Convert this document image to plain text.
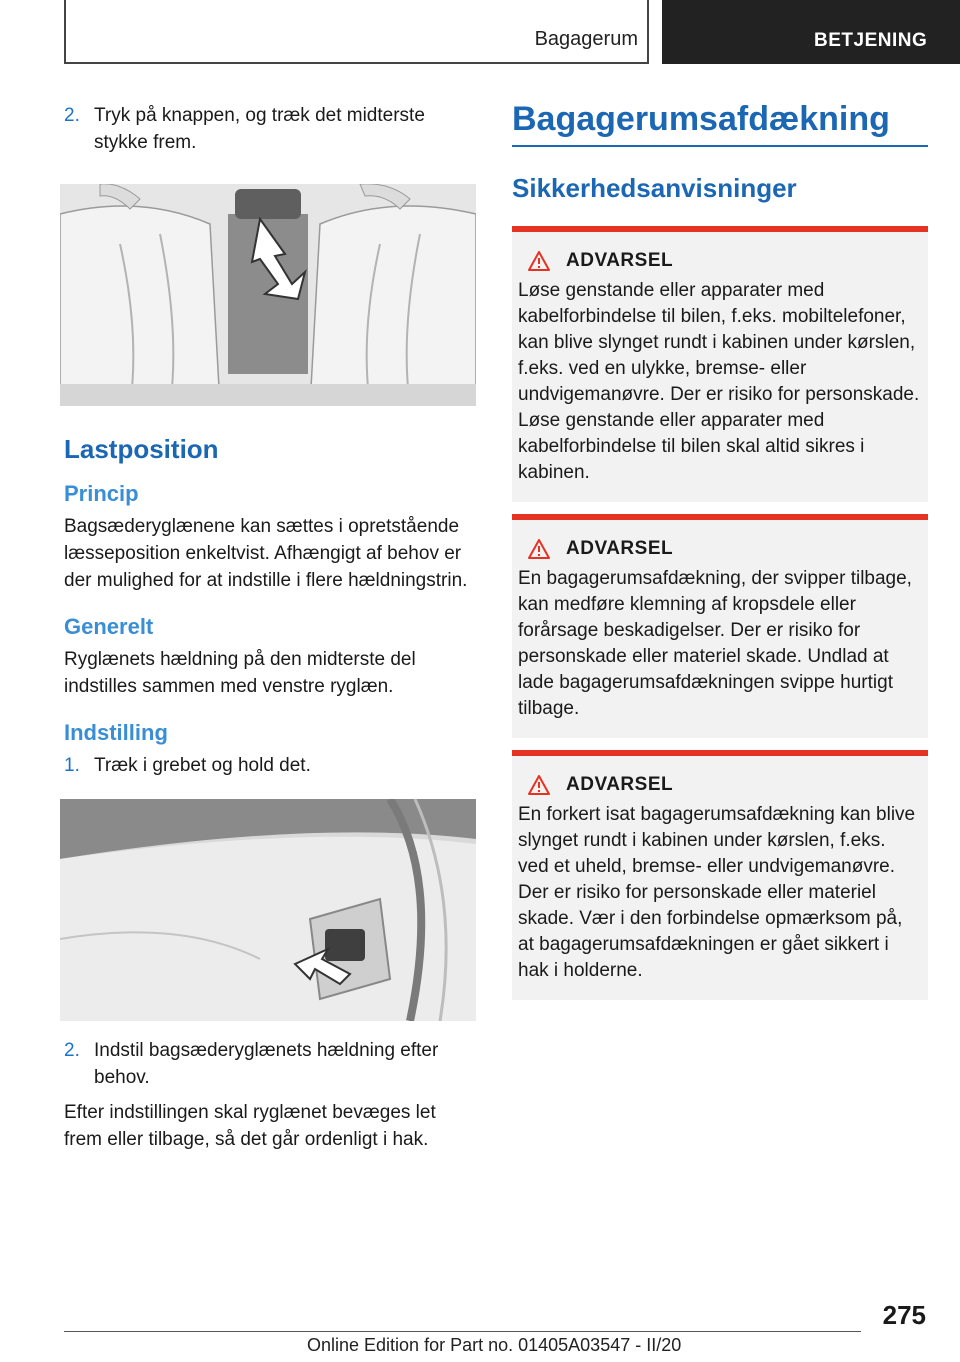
Bagagerum	BETJENING
2. Tryk på knappen, og træk det midterste stykke frem.
Lastposition
Princip

Bagsæderyglænene kan sættes i opretstående læsseposition enkeltvist. Afhængigt af behov er der mulighed for at indstille i flere hældningstrin.

Generelt

Ryglænets hældning på den midterste del indstilles sammen med venstre ryglæn.

Indstilling
1. Træk i grebet og hold det.
2. Indstil bagsæderyglænets hældning efter behov.

Efter indstillingen skal ryglænet bevæges let frem eller tilbage, så det går ordenligt i hak.

Bagagerumsafdækning
Sikkerhedsanvisninger
ADVARSEL
Løse genstande eller apparater med kabelforbindelse til bilen, f.eks. mobiltelefoner, kan blive slynget rundt i kabinen under kørslen, f.eks. ved en ulykke, bremse- eller undvigemanøvre. Der er risiko for personskade. Løse genstande eller apparater med kabelforbindelse til bilen skal altid sikres i kabinen.
ADVARSEL
En bagagerumsafdækning, der svipper tilbage, kan medføre klemning af kropsdele eller forårsage beskadigelser. Der er risiko for personskade eller materiel skade. Undlad at lade bagagerumsafdækningen svippe hurtigt tilbage.
ADVARSEL
En forkert isat bagagerumsafdækning kan blive slynget rundt i kabinen under kørslen, f.eks. ved et uheld, bremse- eller undvigemanøvre. Der er risiko for personskade eller materiel skade. Vær i den forbindelse opmærksom på, at bagagerumsafdækningen er gået sikkert i hak i holderne.
275
Online Edition for Part no. 01405A03547 - II/20
